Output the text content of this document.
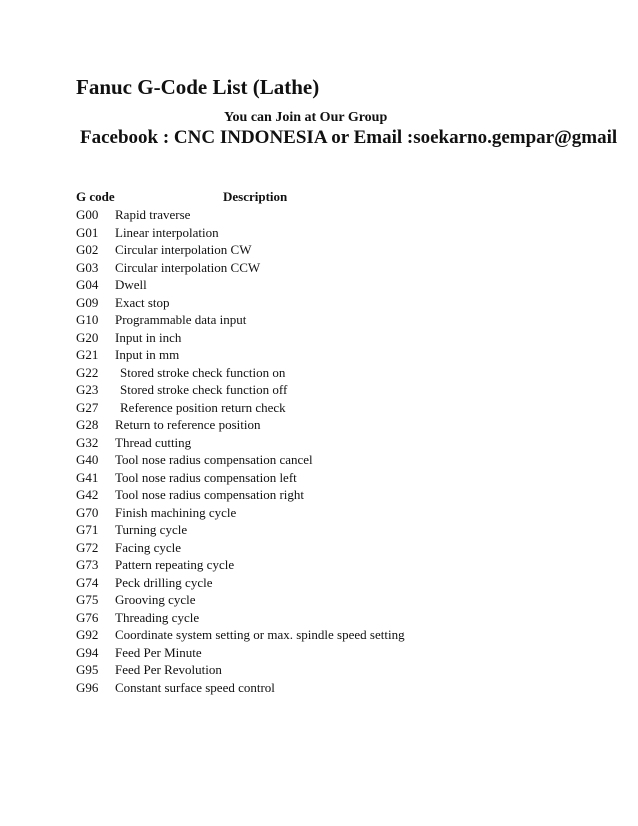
Fanuc G-Code List (Lathe)
You can Join at Our Group
Facebook : CNC INDONESIA or Email :soekarno.gempar@gmail
G code	Description
G00	Rapid traverse
G01	Linear interpolation
G02	Circular interpolation CW
G03	Circular interpolation CCW
G04	Dwell
G09	Exact stop
G10	Programmable data input
G20	Input in inch
G21	Input in mm
G22	Stored stroke check function on
G23	Stored stroke check function off
G27	Reference position return check
G28	Return to reference position
G32	Thread cutting
G40	Tool nose radius compensation cancel
G41	Tool nose radius compensation left
G42	Tool nose radius compensation right
G70	Finish machining cycle
G71	Turning cycle
G72	Facing cycle
G73	Pattern repeating cycle
G74	Peck drilling cycle
G75	Grooving cycle
G76	Threading cycle
G92	Coordinate system setting or max. spindle speed setting
G94	Feed Per Minute
G95	Feed Per Revolution
G96	Constant surface speed control
